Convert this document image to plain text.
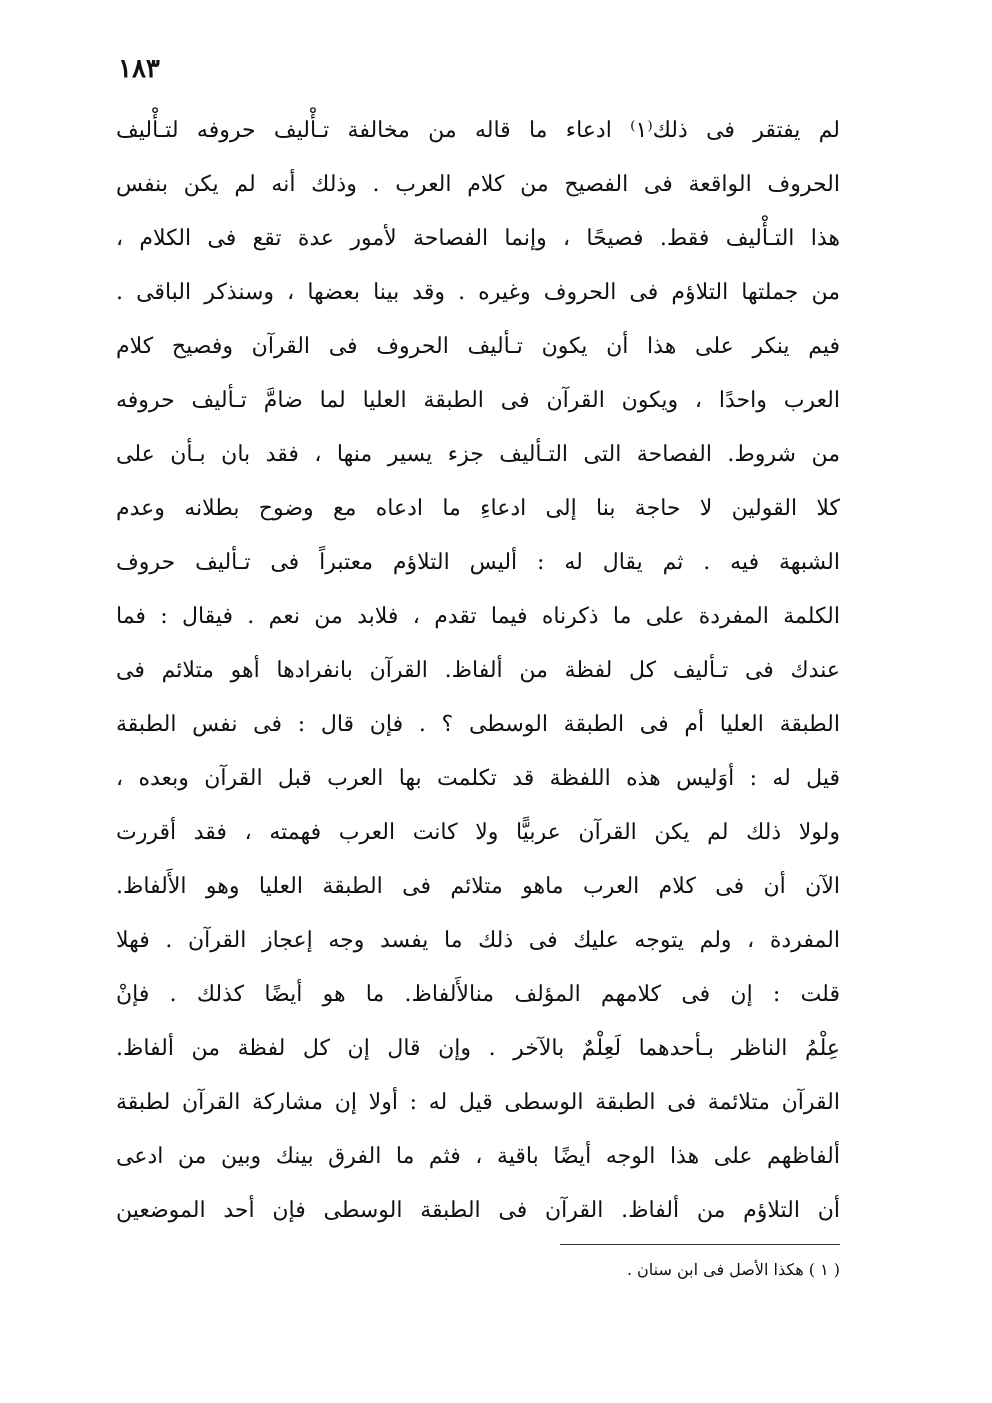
١٨٣
لم يفتقر فى ذلك⁽١⁾ ادعاء ما قاله من مخالفة تـأْليف حروفه لتـأْليف
الحروف الواقعة فى الفصيح من كلام العرب . وذلك أنه لم يكن بنفس
هذا التـأْليف فقط. فصيحًا ، وإنما الفصاحة لأمور عدة تقع فى الكلام ،
من جملتها التلاؤم فى الحروف وغيره . وقد بينا بعضها ، وسنذكر الباقى .
فيم ينكر على هذا أن يكون تـأليف الحروف فى القرآن وفصيح كلام
العرب واحدًا ، ويكون القرآن فى الطبقة العليا لما ضامَّ تـأليف حروفه
من شروط. الفصاحة التى التـأليف جزء يسير منها ، فقد بان بـأن على
كلا القولين لا حاجة بنا إلى ادعاءِ ما ادعاه مع وضوح بطلانه وعدم
الشبهة فيه . ثم يقال له : أليس التلاؤم معتبراً فى تـأليف حروف
الكلمة المفردة على ما ذكرناه فيما تقدم ، فلابد من نعم . فيقال : فما
عندك فى تـأليف كل لفظة من ألفاظ. القرآن بانفرادها أهو متلائم فى
الطبقة العليا أم فى الطبقة الوسطى ؟ . فإن قال : فى نفس الطبقة
قيل له : أوَليس هذه اللفظة قد تكلمت بها العرب قبل القرآن وبعده ،
ولولا ذلك لم يكن القرآن عربيًّا ولا كانت العرب فهمته ، فقد أقررت
الآن أن فى كلام العرب ماهو متلائم فى الطبقة العليا وهو الأَلفاظ.
المفردة ، ولم يتوجه عليك فى ذلك ما يفسد وجه إعجاز القرآن . فهلا
قلت : إن فى كلامهم المؤلف منالأَلفاظ. ما هو أيضًا كذلك . فإنْ
عِلْمُ الناظر بـأحدهما لَعِلْمٌ بالآخر . وإن قال إن كل لفظة من ألفاظ.
القرآن متلائمة فى الطبقة الوسطى قيل له : أولا إن مشاركة القرآن لطبقة
ألفاظهم على هذا الوجه أيضًا باقية ، فثم ما الفرق بينك وبين من ادعى
أن التلاؤم من ألفاظ. القرآن فى الطبقة الوسطى فإن أحد الموضعين
( ١ ) هكذا الأصل فى ابن سنان .
